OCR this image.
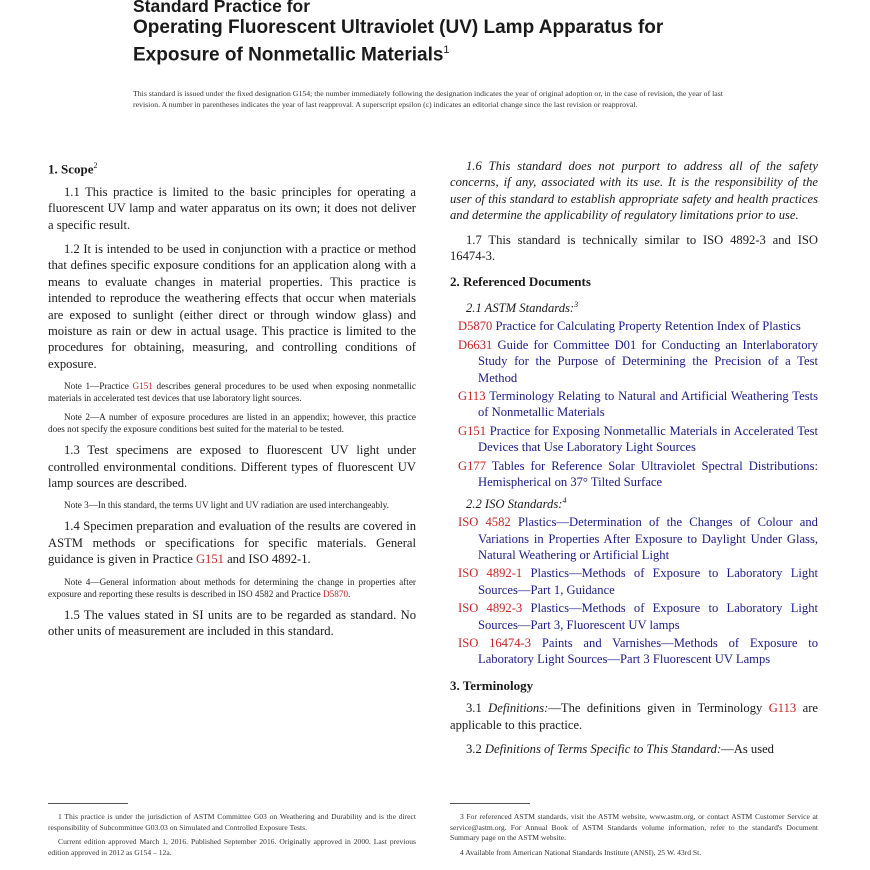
Standard Practice for
Operating Fluorescent Ultraviolet (UV) Lamp Apparatus for
Exposure of Nonmetallic Materials$^1$
This standard is issued under the fixed designation G154; the number immediately following the designation indicates the year of original adoption or, in the case of revision, the year of last revision. A number in parentheses indicates the year of last reapproval. A superscript epsilon (ε) indicates an editorial change since the last revision or reapproval.
1. Scope$^2$

1.1 This practice is limited to the basic principles for operating a fluorescent UV lamp and water apparatus on its own; it does not deliver a specific result.

1.2 It is intended to be used in conjunction with a practice or method that defines specific exposure conditions for an application along with a means to evaluate changes in material properties. This practice is intended to reproduce the weathering effects that occur when materials are exposed to sunlight (either direct or through window glass) and moisture as rain or dew in actual usage. This practice is limited to the procedures for obtaining, measuring, and controlling conditions of exposure.

Note 1—Practice G151 describes general procedures to be used when exposing nonmetallic materials in accelerated test devices that use laboratory light sources.

Note 2—A number of exposure procedures are listed in an appendix; however, this practice does not specify the exposure conditions best suited for the material to be tested.

1.3 Test specimens are exposed to fluorescent UV light under controlled environmental conditions. Different types of fluorescent UV lamp sources are described.

Note 3—In this standard, the terms UV light and UV radiation are used interchangeably.

1.4 Specimen preparation and evaluation of the results are covered in ASTM methods or specifications for specific materials. General guidance is given in Practice G151 and ISO 4892-1.

Note 4—General information about methods for determining the change in properties after exposure and reporting these results is described in ISO 4582 and Practice D5870.

1.5 The values stated in SI units are to be regarded as standard. No other units of measurement are included in this standard.

1.6 This standard does not purport to address all of the safety concerns, if any, associated with its use. It is the responsibility of the user of this standard to establish appropriate safety and health practices and determine the applicability of regulatory limitations prior to use.

1.7 This standard is technically similar to ISO 4892-3 and ISO 16474-3.

2. Referenced Documents
2.1 ASTM Standards:$^3$
D5870 Practice for Calculating Property Retention Index of Plastics
D6631 Guide for Committee D01 for Conducting an Interlaboratory Study for the Purpose of Determining the Precision of a Test Method
G113 Terminology Relating to Natural and Artificial Weathering Tests of Nonmetallic Materials
G151 Practice for Exposing Nonmetallic Materials in Accelerated Test Devices that Use Laboratory Light Sources
G177 Tables for Reference Solar Ultraviolet Spectral Distributions: Hemispherical on 37° Tilted Surface
2.2 ISO Standards:$^4$
ISO 4582 Plastics—Determination of the Changes of Colour and Variations in Properties After Exposure to Daylight Under Glass, Natural Weathering or Artificial Light
ISO 4892-1 Plastics—Methods of Exposure to Laboratory Light Sources—Part 1, Guidance
ISO 4892-3 Plastics—Methods of Exposure to Laboratory Light Sources—Part 3, Fluorescent UV lamps
ISO 16474-3 Paints and Varnishes—Methods of Exposure to Laboratory Light Sources—Part 3 Fluorescent UV Lamps
3. Terminology

3.1 Definitions:—The definitions given in Terminology G113 are applicable to this practice.

3.2 Definitions of Terms Specific to This Standard:—As used

1 This practice is under the jurisdiction of ASTM Committee G03 on Weathering and Durability and is the direct responsibility of Subcommittee G03.03 on Simulated and Controlled Exposure Tests.

Current edition approved March 1, 2016. Published September 2016. Originally approved in 2000. Last previous edition approved in 2012 as G154 – 12a.

3 For referenced ASTM standards, visit the ASTM website, www.astm.org, or contact ASTM Customer Service at service@astm.org. For Annual Book of ASTM Standards volume information, refer to the standard's Document Summary page on the ASTM website.

4 Available from American National Standards Institute (ANSI), 25 W. 43rd St.
